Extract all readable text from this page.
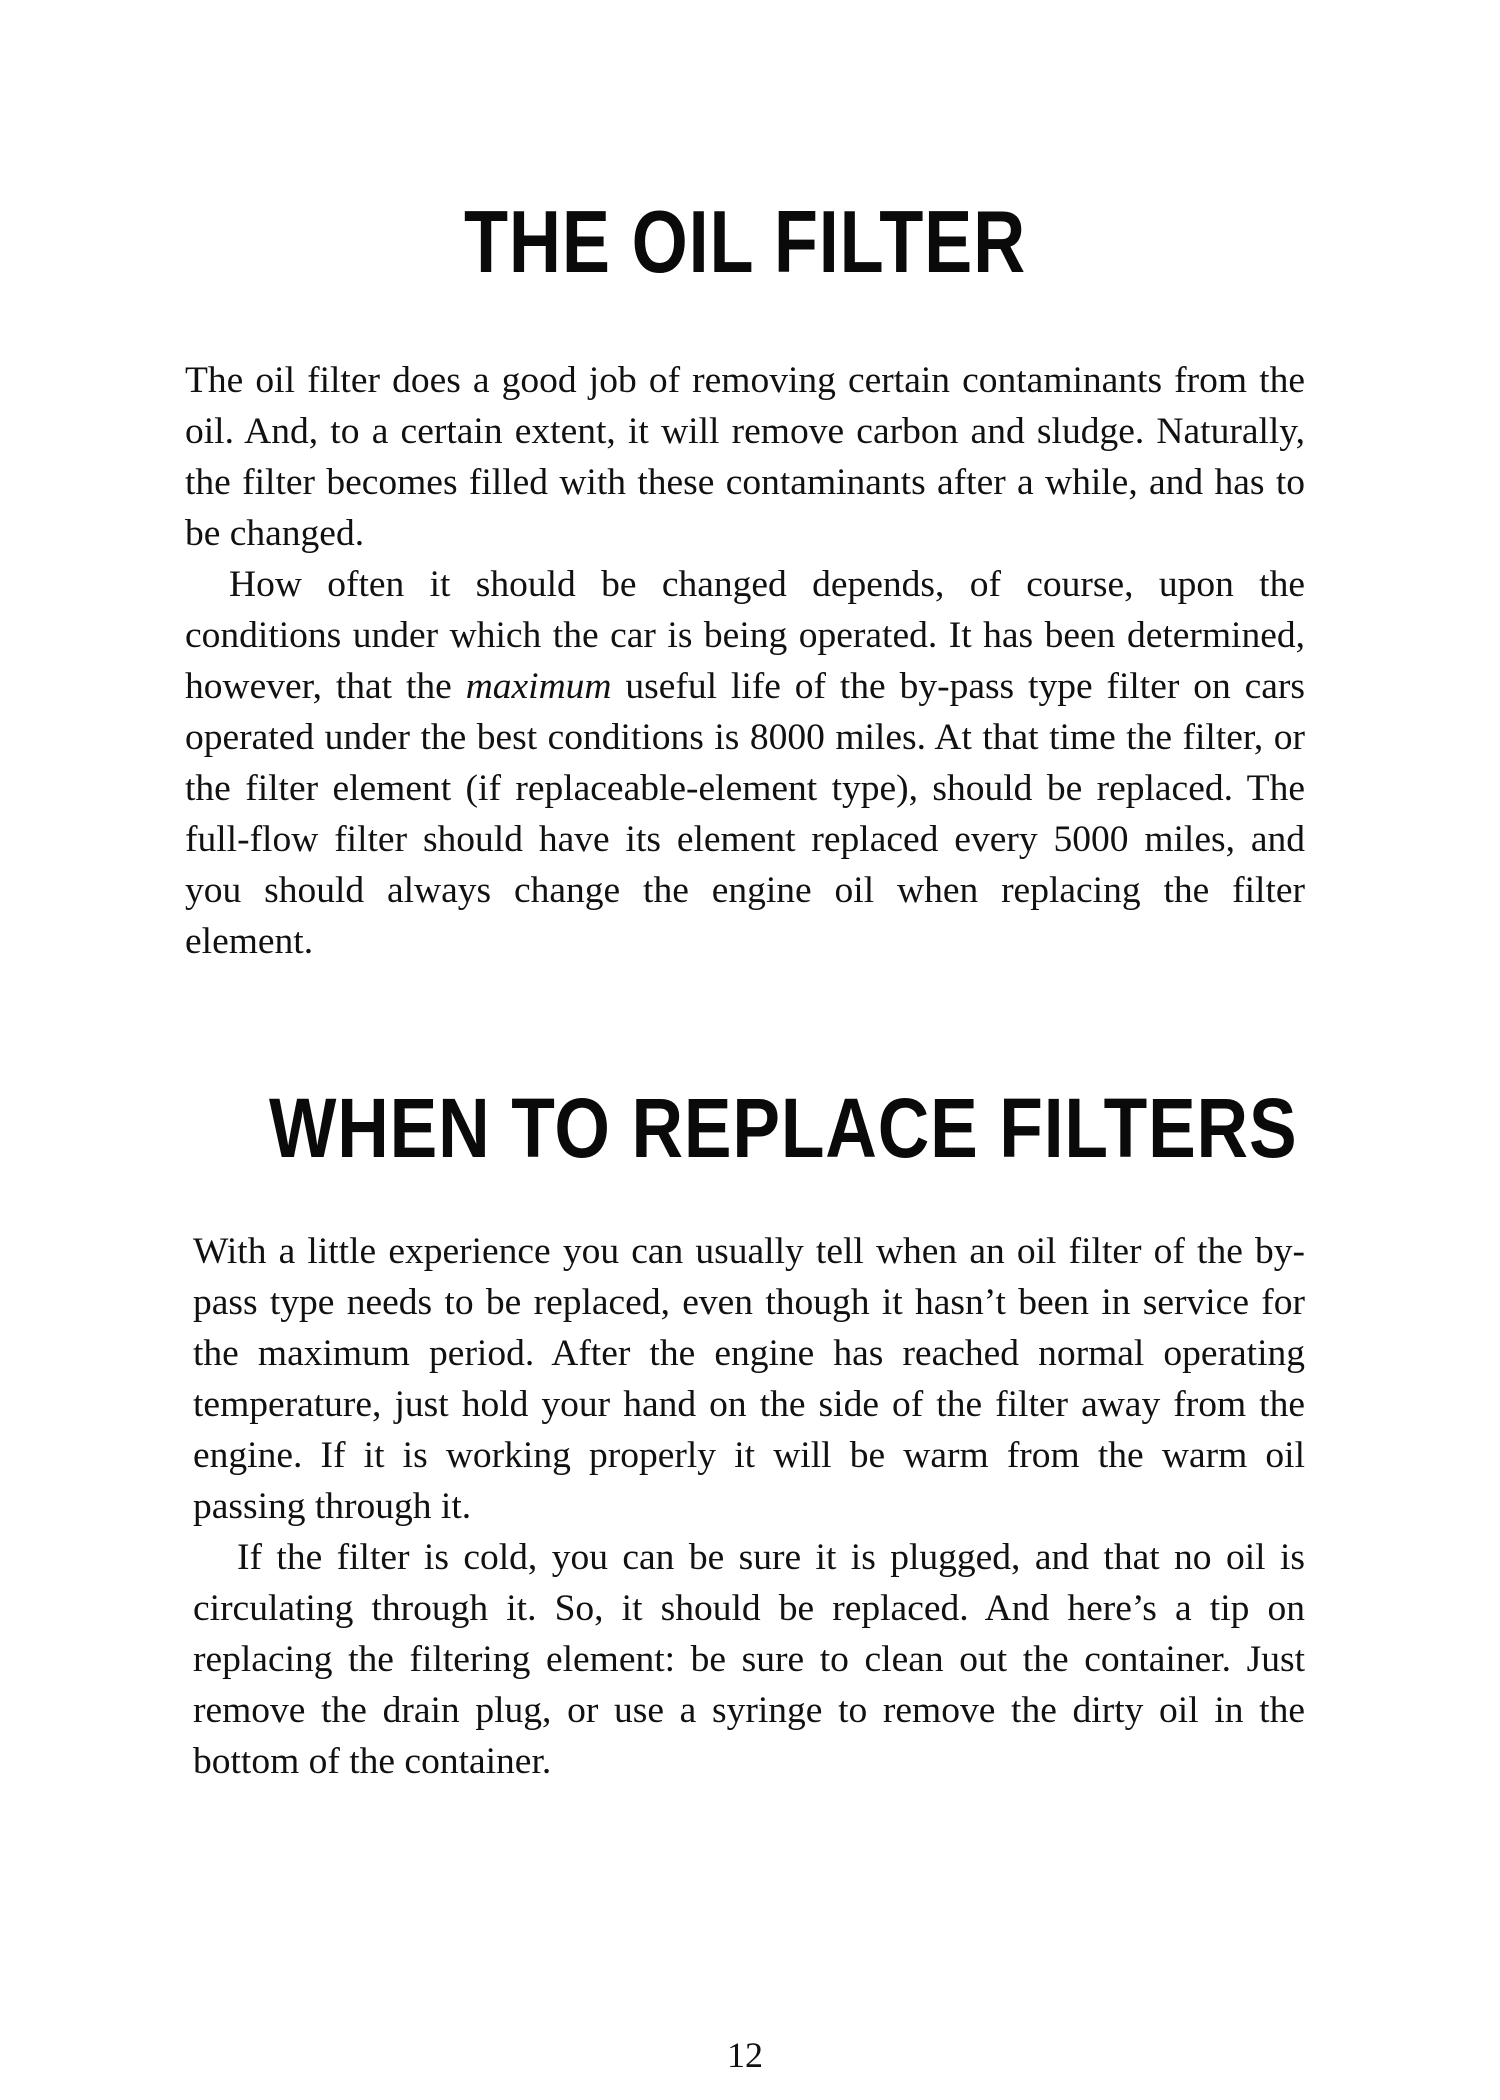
THE OIL FILTER

The oil filter does a good job of removing certain contaminants from the oil. And, to a certain extent, it will remove carbon and sludge. Naturally, the filter becomes filled with these contaminants after a while, and has to be changed.

How often it should be changed depends, of course, upon the conditions under which the car is being operated. It has been determined, however, that the maximum useful life of the by-pass type filter on cars operated under the best conditions is 8000 miles. At that time the filter, or the filter element (if replaceable-element type), should be replaced. The full-flow filter should have its element replaced every 5000 miles, and you should always change the engine oil when replacing the filter element.

WHEN TO REPLACE FILTERS

With a little experience you can usually tell when an oil filter of the by-pass type needs to be replaced, even though it hasn’t been in service for the maximum period. After the engine has reached normal operating temperature, just hold your hand on the side of the filter away from the engine. If it is working properly it will be warm from the warm oil passing through it.

If the filter is cold, you can be sure it is plugged, and that no oil is circulating through it. So, it should be replaced. And here’s a tip on replacing the filtering element: be sure to clean out the container. Just remove the drain plug, or use a syringe to remove the dirty oil in the bottom of the container.

12
